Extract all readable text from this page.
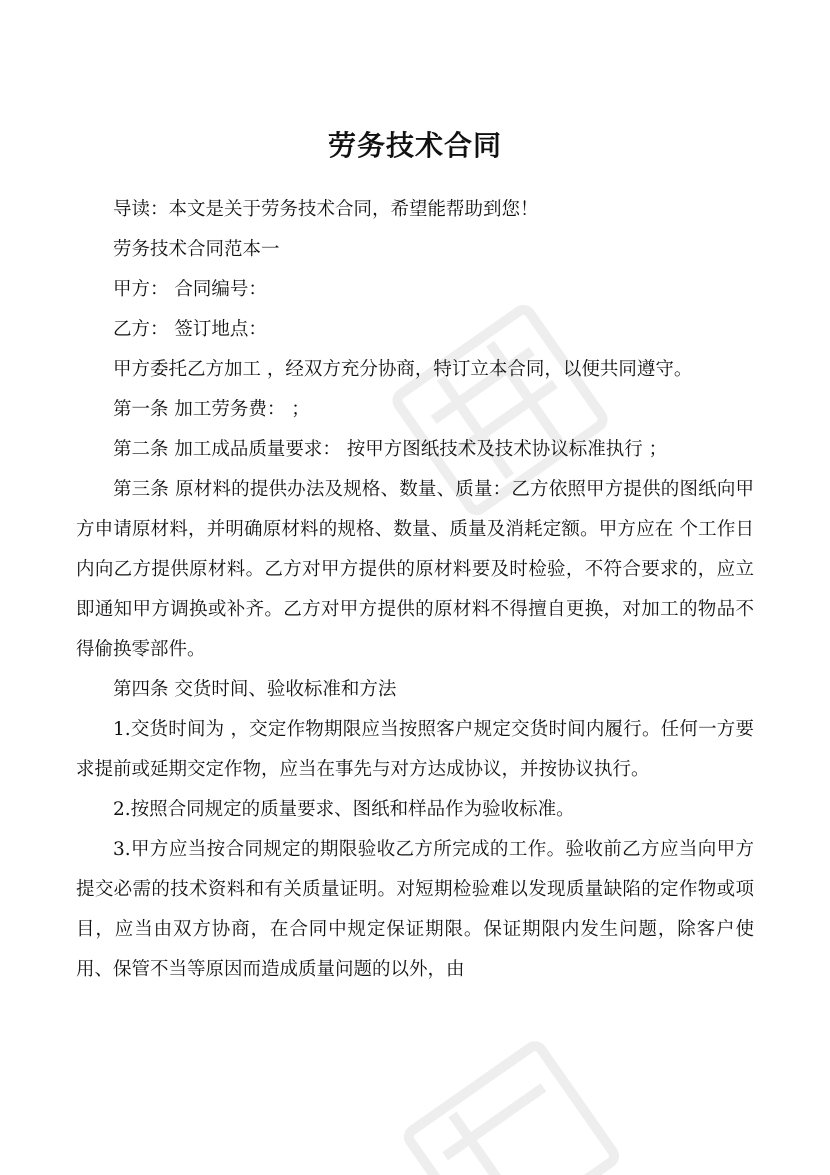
劳务技术合同

导读：本文是关于劳务技术合同，希望能帮助到您！

劳务技术合同范本一

甲方： 合同编号：

乙方： 签订地点：

甲方委托乙方加工 ，经双方充分协商，特订立本合同，以便共同遵守。

第一条 加工劳务费： ；

第二条 加工成品质量要求： 按甲方图纸技术及技术协议标准执行 ；

第三条 原材料的提供办法及规格、数量、质量：乙方依照甲方提供的图纸向甲方申请原材料，并明确原材料的规格、数量、质量及消耗定额。甲方应在 个工作日内向乙方提供原材料。乙方对甲方提供的原材料要及时检验，不符合要求的，应立即通知甲方调换或补齐。乙方对甲方提供的原材料不得擅自更换，对加工的物品不得偷换零部件。

第四条 交货时间、验收标准和方法

1.交货时间为 ，交定作物期限应当按照客户规定交货时间内履行。任何一方要求提前或延期交定作物，应当在事先与对方达成协议，并按协议执行。

2.按照合同规定的质量要求、图纸和样品作为验收标准。

3.甲方应当按合同规定的期限验收乙方所完成的工作。验收前乙方应当向甲方提交必需的技术资料和有关质量证明。对短期检验难以发现质量缺陷的定作物或项目，应当由双方协商，在合同中规定保证期限。保证期限内发生问题，除客户使用、保管不当等原因而造成质量问题的以外，由
